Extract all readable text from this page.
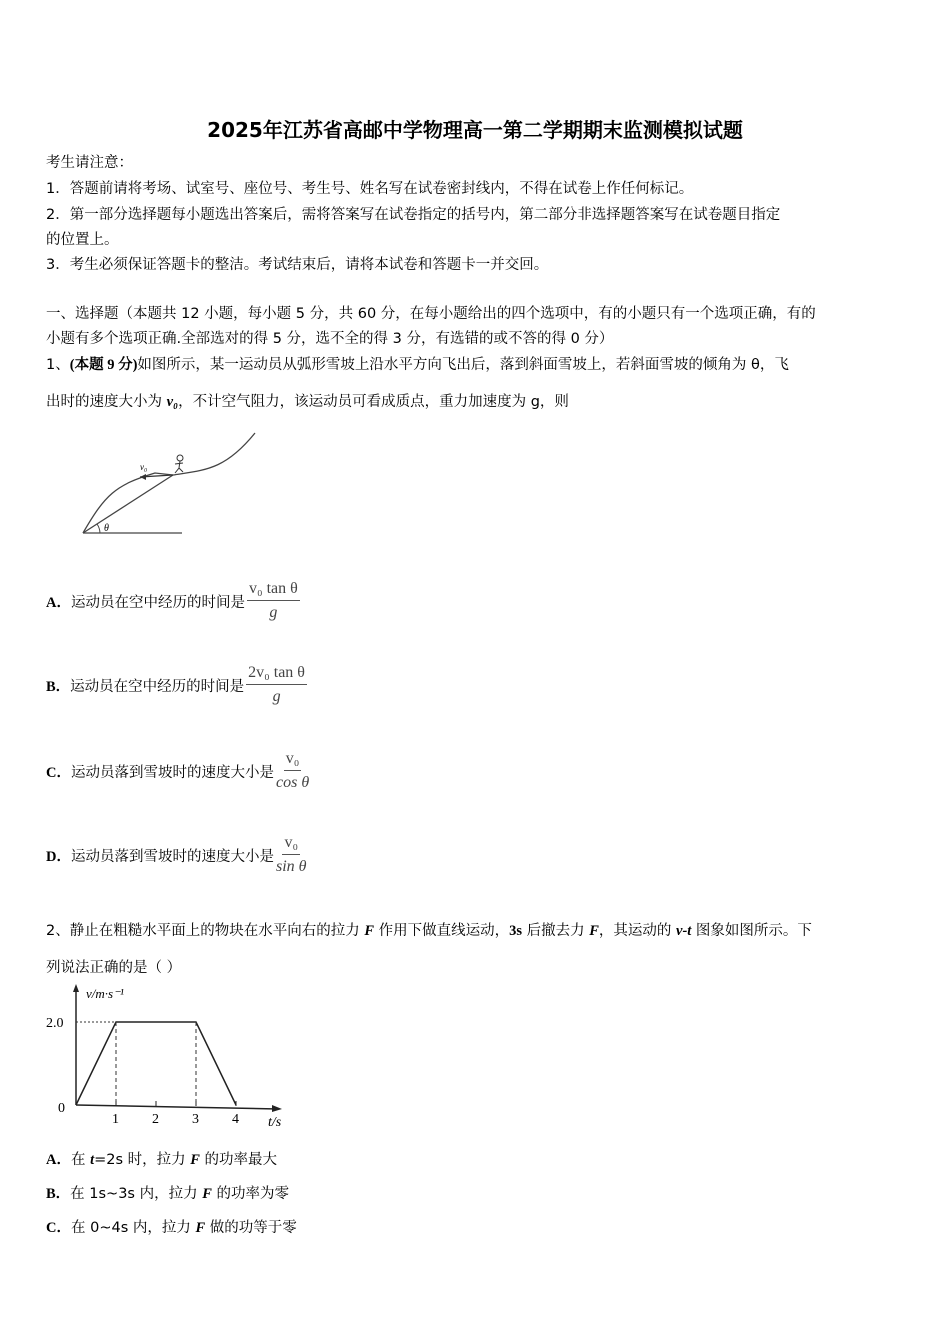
2025年江苏省高邮中学物理高一第二学期期末监测模拟试题
考生请注意：
1．答题前请将考场、试室号、座位号、考生号、姓名写在试卷密封线内，不得在试卷上作任何标记。
2．第一部分选择题每小题选出答案后，需将答案写在试卷指定的括号内，第二部分非选择题答案写在试卷题目指定
的位置上。
3．考生必须保证答题卡的整洁。考试结束后，请将本试卷和答题卡一并交回。
一、选择题（本题共 12 小题，每小题 5 分，共 60 分，在每小题给出的四个选项中，有的小题只有一个选项正确，有的
小题有多个选项正确.全部选对的得 5 分，选不全的得 3 分，有选错的或不答的得 0 分）
1、(本题 9 分)如图所示，某一运动员从弧形雪坡上沿水平方向飞出后，落到斜面雪坡上，若斜面雪坡的倾角为 θ，飞
出时的速度大小为 v₀，不计空气阻力，该运动员可看成质点，重力加速度为 g，则
v₀
θ
A． 运动员在空中经历的时间是 $\frac{\text{v₀ tan θ}}{g}$
B． 运动员在空中经历的时间是 $\frac{\text{2v₀ tan θ}}{g}$
C． 运动员落到雪坡时的速度大小是 $\frac{\text{v₀}}{\text{cos θ}}$
D． 运动员落到雪坡时的速度大小是 $\frac{\text{v₀}}{\text{sin θ}}$
2、静止在粗糙水平面上的物块在水平向右的拉力 F 作用下做直线运动，3s 后撤去力 F，其运动的 v-t 图象如图所示。下
列说法正确的是（ ）
v/m·s⁻¹
t/s
0
2.0
1 2 3 4
A．在 t=2s 时，拉力 F 的功率最大
B．在 1s~3s 内，拉力 F 的功率为零
C．在 0~4s 内，拉力 F 做的功等于零
